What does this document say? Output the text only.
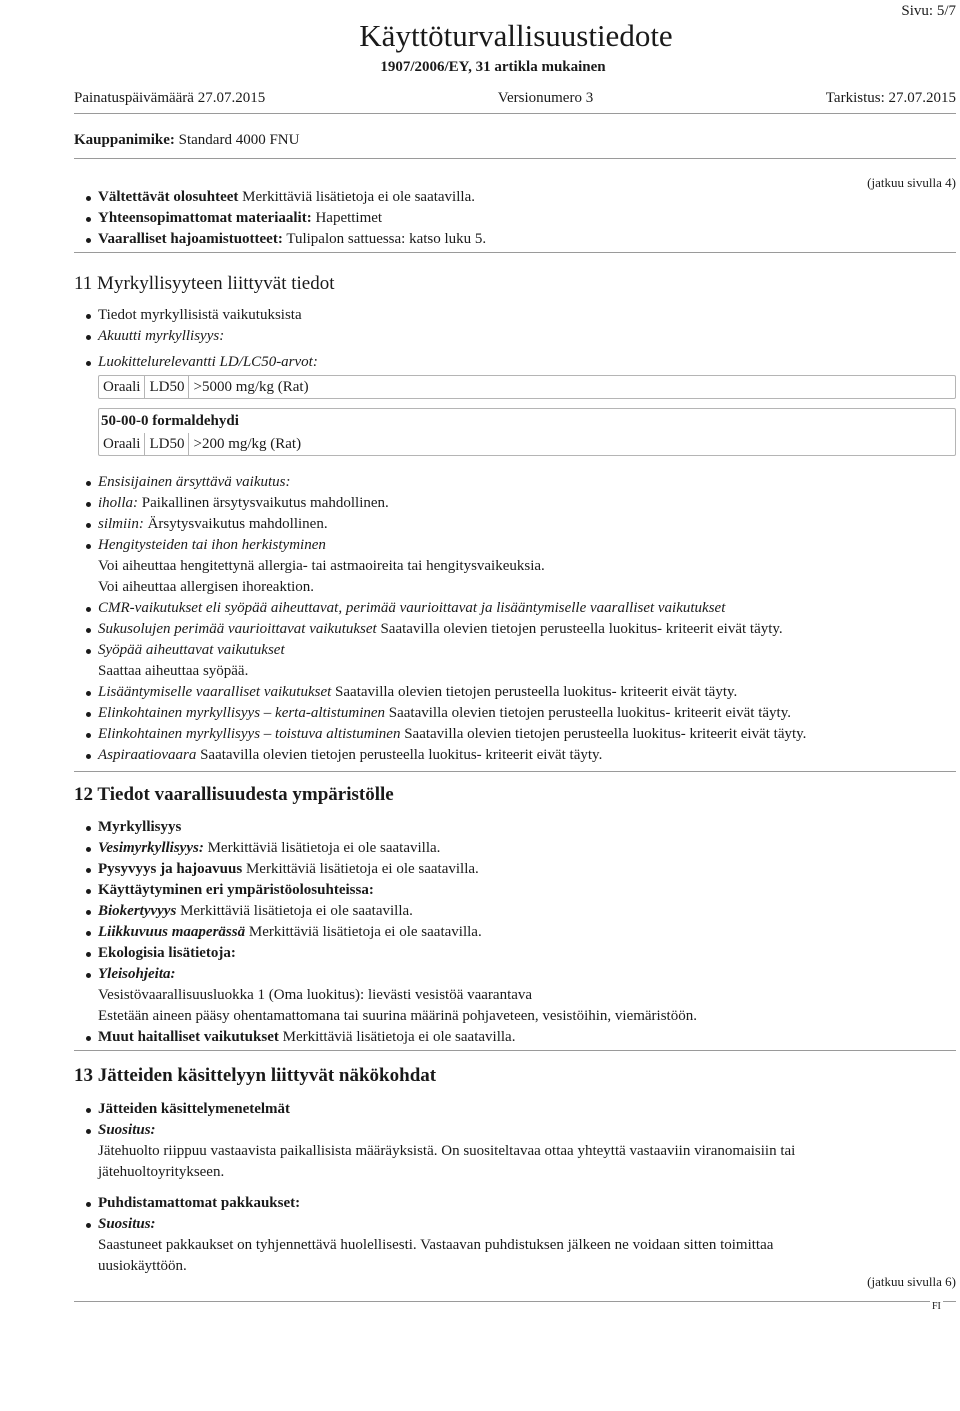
Sivu: 5/7
Käyttöturvallisuustiedote
1907/2006/EY, 31 artikla mukainen
Painatuspäivämäärä 27.07.2015	Versionumero 3	Tarkistus: 27.07.2015
Kauppanimike: Standard 4000 FNU
(jatkuu sivulla 4)
Vältettävät olosuhteet Merkittäviä lisätietoja ei ole saatavilla.
Yhteensopimattomat materiaalit: Hapettimet
Vaaralliset hajoamistuotteet: Tulipalon sattuessa: katso luku 5.
11 Myrkyllisyyteen liittyvät tiedot
Tiedot myrkyllisistä vaikutuksista
Akuutti myrkyllisyys:
Luokittelurelevantti LD/LC50-arvot:
Oraali LD50 >5000 mg/kg (Rat)
50-00-0 formaldehydi
Oraali LD50 >200 mg/kg (Rat)
Ensisijainen ärsyttävä vaikutus:
iholla: Paikallinen ärsytysvaikutus mahdollinen.
silmiin: Ärsytysvaikutus mahdollinen.
Hengitysteiden tai ihon herkistyminen
Voi aiheuttaa hengitettynä allergia- tai astmaoireita tai hengitysvaikeuksia.
Voi aiheuttaa allergisen ihoreaktion.
CMR-vaikutukset eli syöpää aiheuttavat, perimää vaurioittavat ja lisääntymiselle vaaralliset vaikutukset
Sukusolujen perimää vaurioittavat vaikutukset Saatavilla olevien tietojen perusteella luokitus- kriteerit eivät täyty.
Syöpää aiheuttavat vaikutukset
Saattaa aiheuttaa syöpää.
Lisääntymiselle vaaralliset vaikutukset Saatavilla olevien tietojen perusteella luokitus- kriteerit eivät täyty.
Elinkohtainen myrkyllisyys – kerta-altistuminen Saatavilla olevien tietojen perusteella luokitus- kriteerit eivät täyty.
Elinkohtainen myrkyllisyys – toistuva altistuminen Saatavilla olevien tietojen perusteella luokitus- kriteerit eivät täyty.
Aspiraatiovaara Saatavilla olevien tietojen perusteella luokitus- kriteerit eivät täyty.
12 Tiedot vaarallisuudesta ympäristölle
Myrkyllisyys
Vesimyrkyllisyys: Merkittäviä lisätietoja ei ole saatavilla.
Pysyvyys ja hajoavuus Merkittäviä lisätietoja ei ole saatavilla.
Käyttäytyminen eri ympäristöolosuhteissa:
Biokertyvyys Merkittäviä lisätietoja ei ole saatavilla.
Liikkuvuus maaperässä Merkittäviä lisätietoja ei ole saatavilla.
Ekologisia lisätietoja:
Yleisohjeita:
Vesistövaarallisuusluokka 1 (Oma luokitus): lievästi vesistöä vaarantava
Estetään aineen pääsy ohentamattomana tai suurina määrinä pohjaveteen, vesistöihin, viemäristöön.
Muut haitalliset vaikutukset Merkittäviä lisätietoja ei ole saatavilla.
13 Jätteiden käsittelyyn liittyvät näkökohdat
Jätteiden käsittelymenetelmät
Suositus:
Jätehuolto riippuu vastaavista paikallisista määräyksistä. On suositeltavaa ottaa yhteyttä vastaaviin viranomaisiin tai
jätehuoltoyritykseen.
Puhdistamattomat pakkaukset:
Suositus:
Saastuneet pakkaukset on tyhjennettävä huolellisesti. Vastaavan puhdistuksen jälkeen ne voidaan sitten toimittaa
uusiokäyttöön.
(jatkuu sivulla 6)
FI
